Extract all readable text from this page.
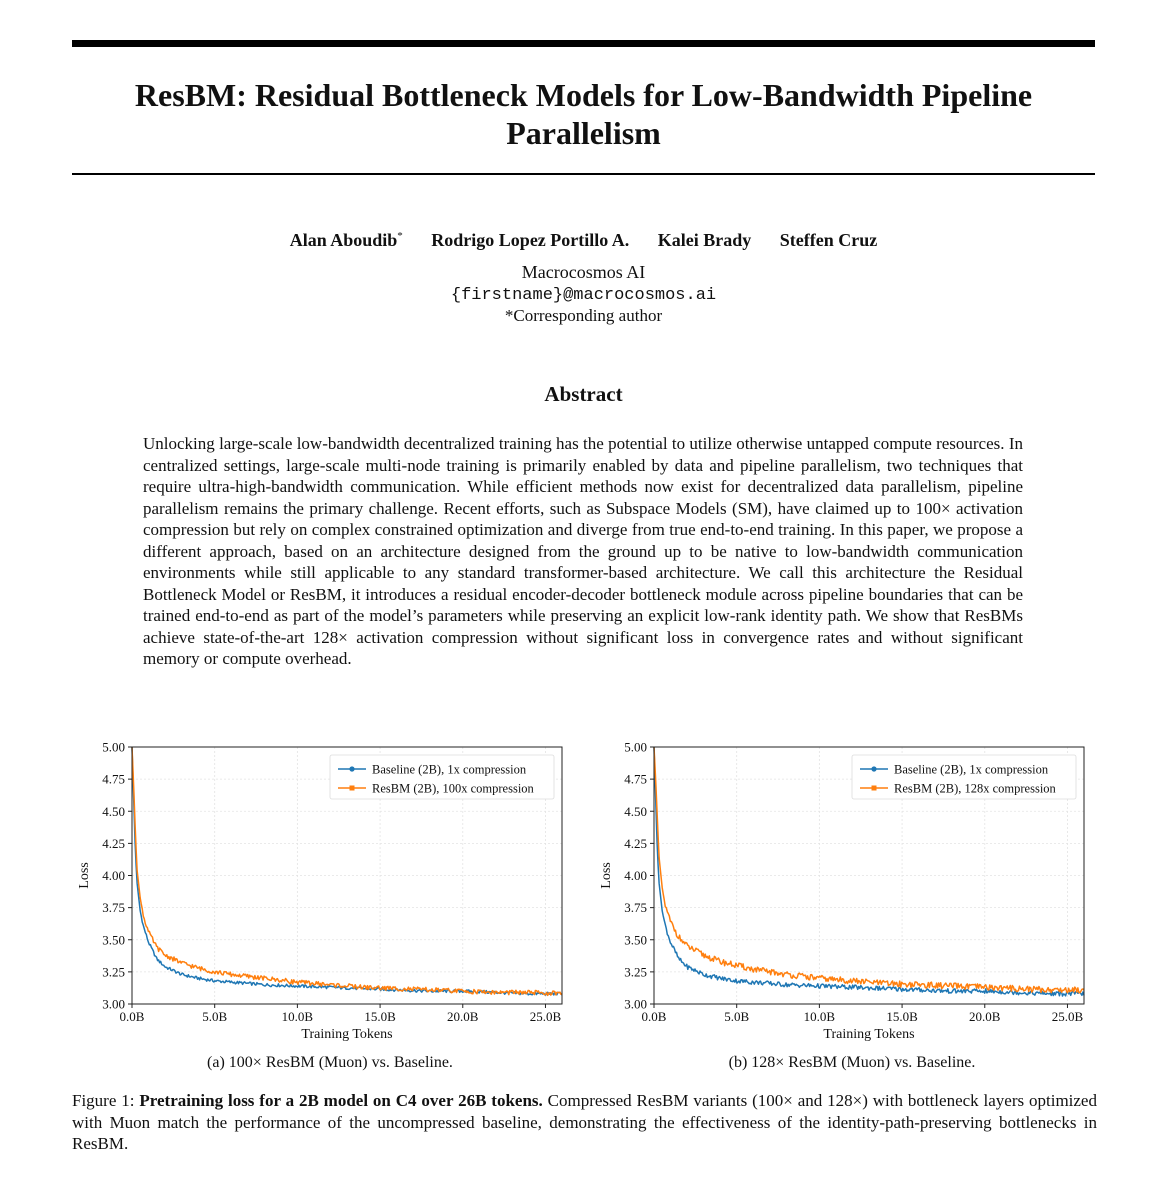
ResBM: Residual Bottleneck Models for Low-Bandwidth Pipeline Parallelism
Alan Aboudib* Rodrigo Lopez Portillo A. Kalei Brady Steffen Cruz
Macrocosmos AI
{firstname}@macrocosmos.ai
*Corresponding author
Abstract

Unlocking large-scale low-bandwidth decentralized training has the potential to utilize otherwise untapped compute resources. In centralized settings, large-scale multi-node training is primarily enabled by data and pipeline parallelism, two techniques that require ultra-high-bandwidth communication. While efficient methods now exist for decentralized data parallelism, pipeline parallelism remains the primary challenge. Recent efforts, such as Subspace Models (SM), have claimed up to 100× activation compression but rely on complex constrained optimization and diverge from true end-to-end training. In this paper, we propose a different approach, based on an architecture designed from the ground up to be native to low-bandwidth communication environments while still applicable to any standard transformer-based architecture. We call this architecture the Residual Bottleneck Model or ResBM, it introduces a residual encoder-decoder bottleneck module across pipeline boundaries that can be trained end-to-end as part of the model’s parameters while preserving an explicit low-rank identity path. We show that ResBMs achieve state-of-the-art 128× activation compression without significant loss in convergence rates and without significant memory or compute overhead.

0.0B	5.0B	10.0B	15.0B	20.0B	25.0B
3.00
3.25
3.50
3.75
4.00
4.25
4.50
4.75
5.00
Training Tokens
Loss
Baseline (2B), 1x compression
ResBM (2B), 100x compression
0.0B	5.0B	10.0B	15.0B	20.0B	25.0B
3.00
3.25
3.50
3.75
4.00
4.25
4.50
4.75
5.00
Training Tokens
Loss
Baseline (2B), 1x compression
ResBM (2B), 128x compression
(a) 100× ResBM (Muon) vs. Baseline.	(b) 128× ResBM (Muon) vs. Baseline.

Figure 1: Pretraining loss for a 2B model on C4 over 26B tokens. Compressed ResBM variants (100× and 128×) with bottleneck layers optimized with Muon match the performance of the uncompressed baseline, demonstrating the effectiveness of the identity-path-preserving bottlenecks in ResBM.
